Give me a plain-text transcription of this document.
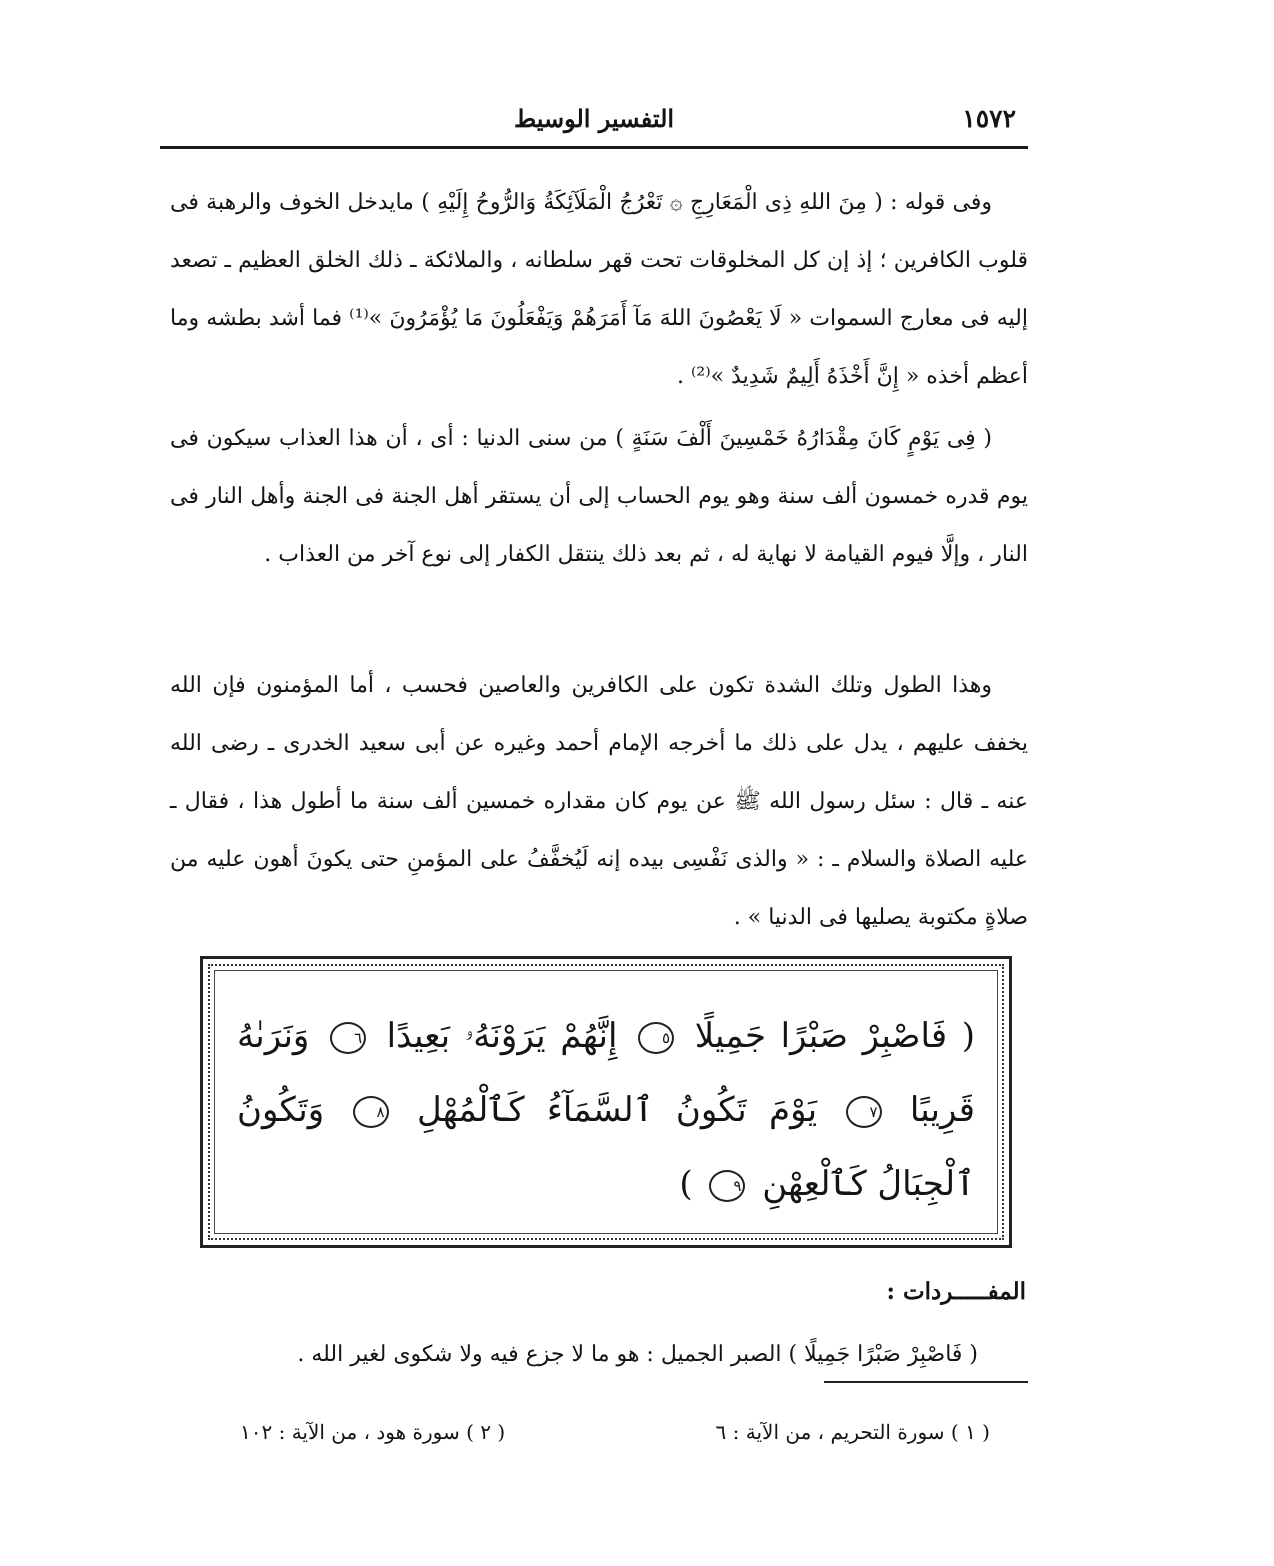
١٥٧٢
التفسير الوسيط

وفى قوله : ( مِنَ اللهِ ذِى الْمَعَارِجِ ۞ تَعْرُجُ الْمَلَآئِكَةُ وَالرُّوحُ إِلَيْهِ ) مايدخل الخوف والرهبة فى قلوب الكافرين ؛ إذ إن كل المخلوقات تحت قهر سلطانه ، والملائكة ـ ذلك الخلق العظيم ـ تصعد إليه فى معارج السموات « لَا يَعْصُونَ اللهَ مَآ أَمَرَهُمْ وَيَفْعَلُونَ مَا يُؤْمَرُونَ »⁽¹⁾ فما أشد بطشه وما أعظم أخذه « إِنَّ أَخْذَهُ أَلِيمٌ شَدِيدٌ »⁽²⁾ .

( فِى يَوْمٍ كَانَ مِقْدَارُهُ خَمْسِينَ أَلْفَ سَنَةٍ ) من سنى الدنيا : أى ، أن هذا العذاب سيكون فى يوم قدره خمسون ألف سنة وهو يوم الحساب إلى أن يستقر أهل الجنة فى الجنة وأهل النار فى النار ، وإلَّا فيوم القيامة لا نهاية له ، ثم بعد ذلك ينتقل الكفار إلى نوع آخر من العذاب .

وهذا الطول وتلك الشدة تكون على الكافرين والعاصين فحسب ، أما المؤمنون فإن الله يخفف عليهم ، يدل على ذلك ما أخرجه الإمام أحمد وغيره عن أبى سعيد الخدرى ـ رضى الله عنه ـ قال : سئل رسول الله ﷺ عن يوم كان مقداره خمسين ألف سنة ما أطول هذا ، فقال ـ عليه الصلاة والسلام ـ : « والذى نَفْسِى بيده إنه لَيُخفَّفُ على المؤمنِ حتى يكونَ أهون عليه من صلاةٍ مكتوبة يصليها فى الدنيا » .

( فَاصْبِرْ صَبْرًا جَمِيلًا ٥ إِنَّهُمْ يَرَوْنَهُۥ بَعِيدًا ٦ وَنَرَىٰهُ قَرِيبًا ٧ يَوْمَ تَكُونُ ٱلسَّمَآءُ كَٱلْمُهْلِ ٨ وَتَكُونُ ٱلْجِبَالُ كَٱلْعِهْنِ ٩ )

المفـــــردات :

( فَاصْبِرْ صَبْرًا جَمِيلًا ) الصبر الجميل : هو ما لا جزع فيه ولا شكوى لغير الله .

( ١ ) سورة التحريم ، من الآية : ٦
( ٢ ) سورة هود ، من الآية : ١٠٢
